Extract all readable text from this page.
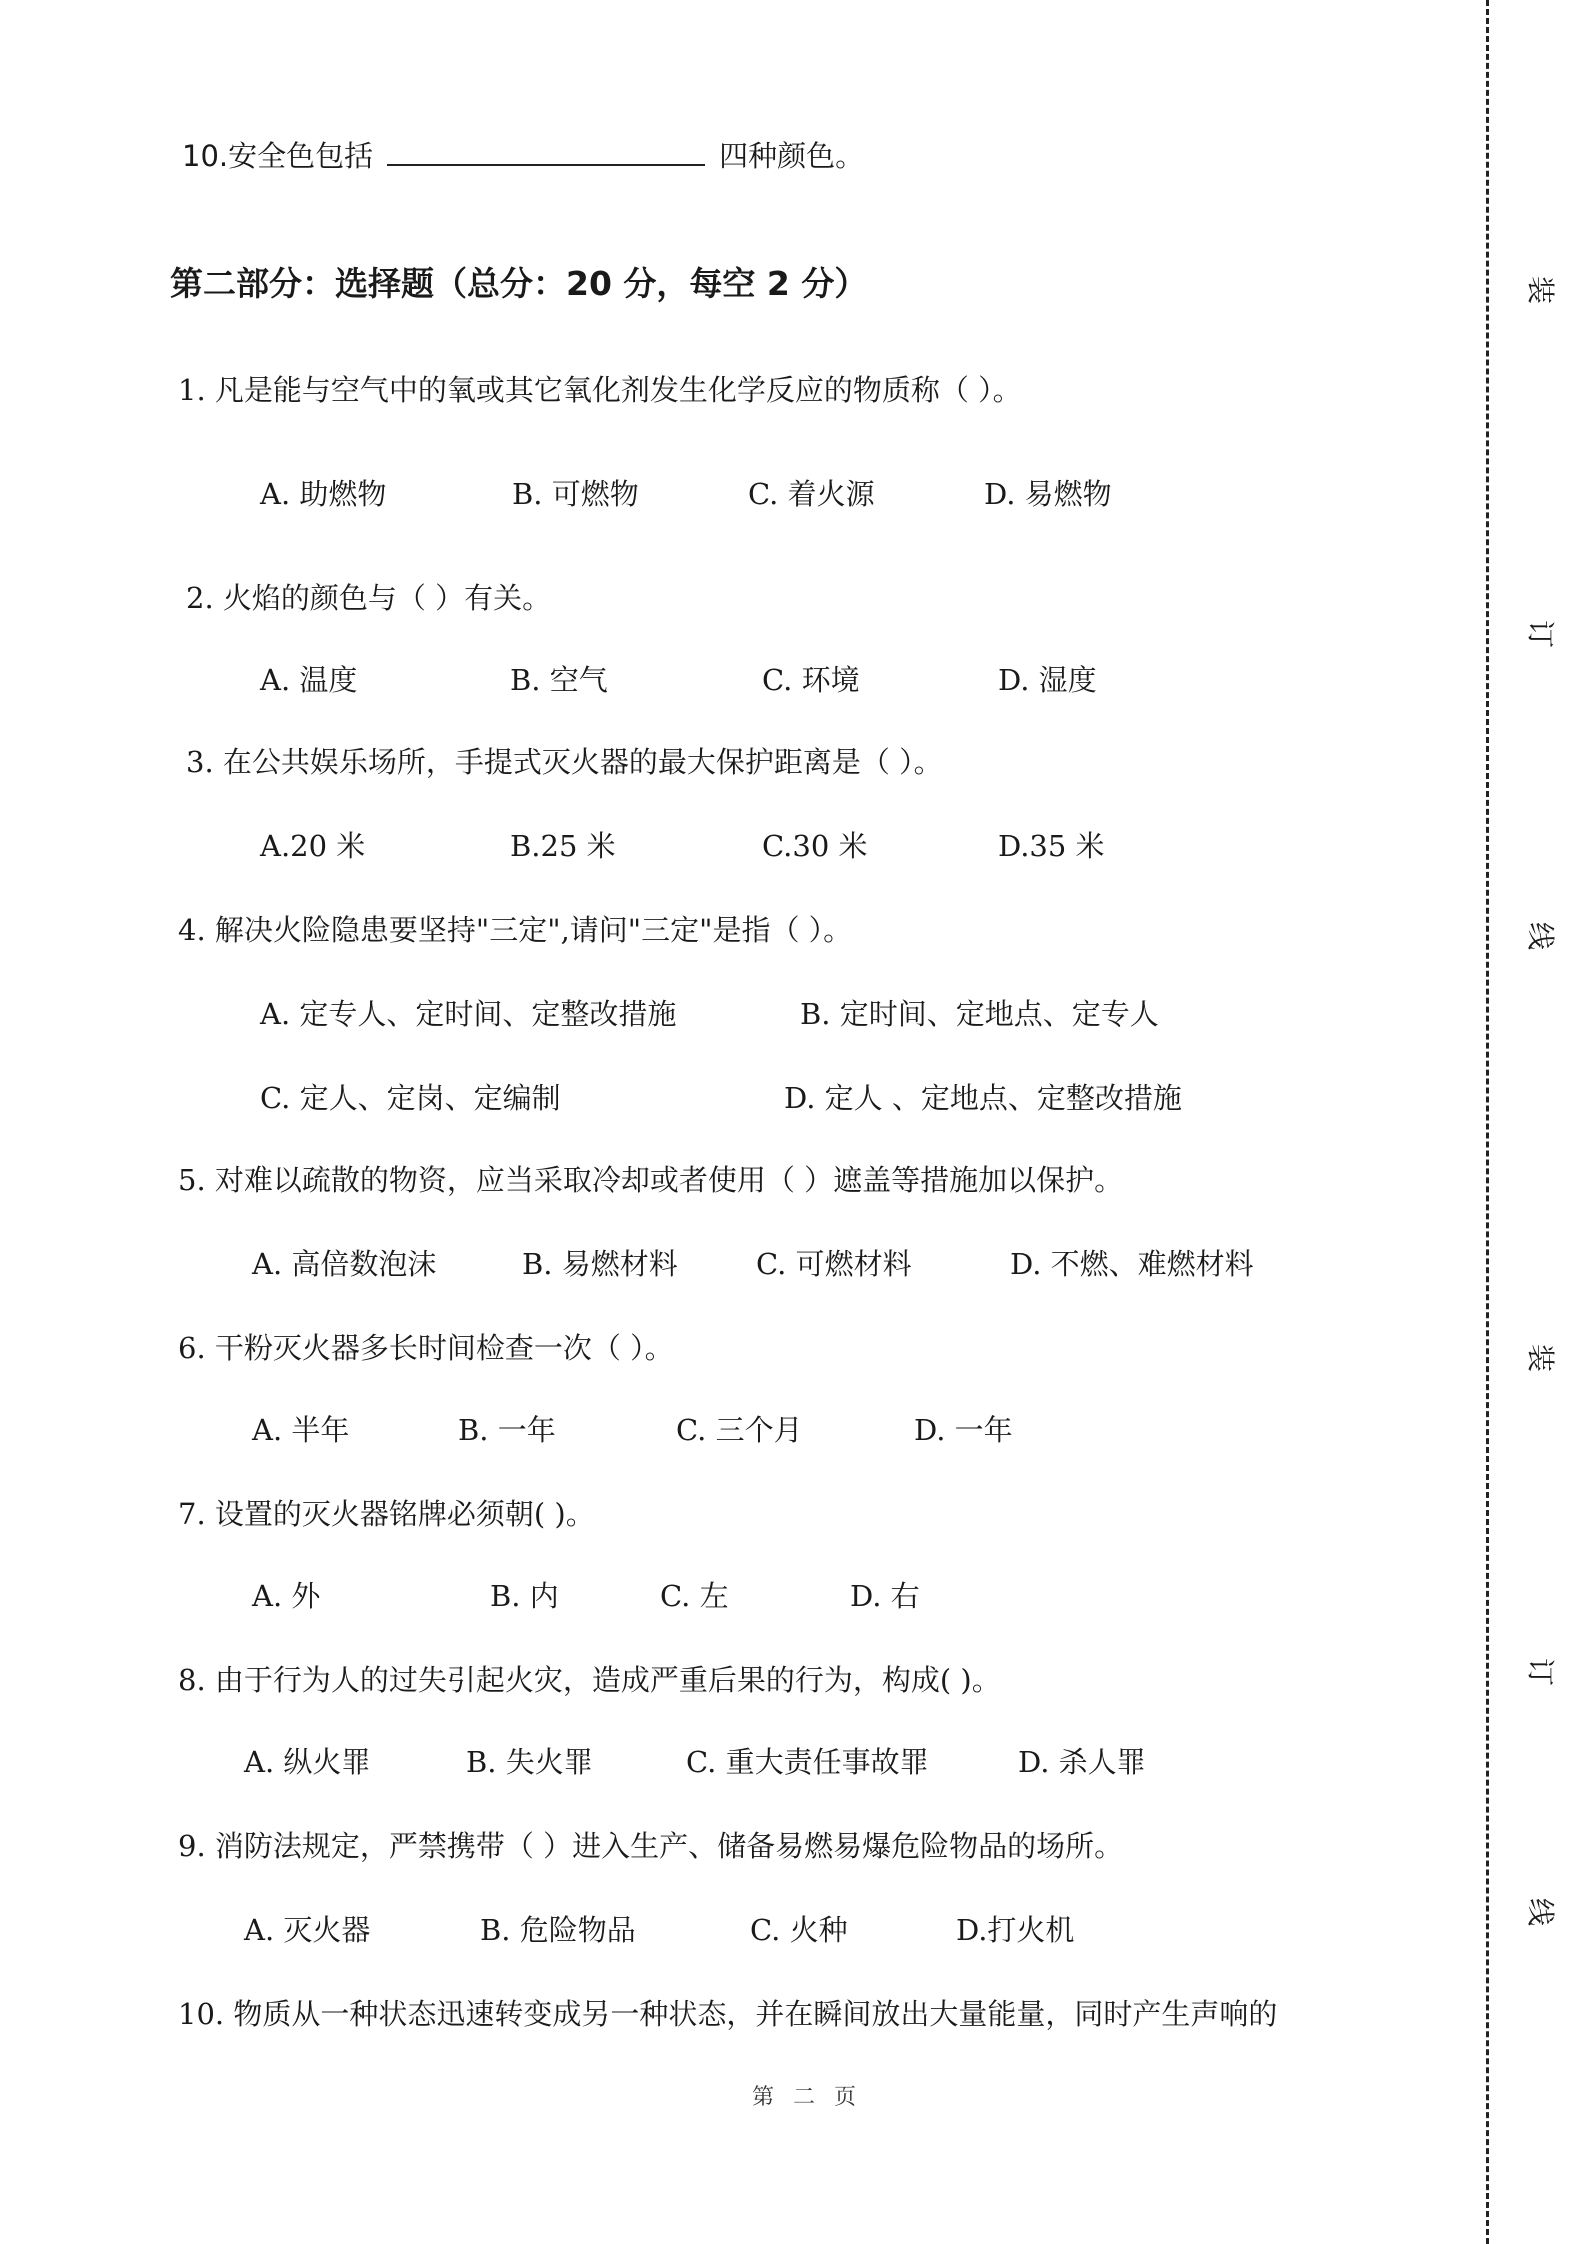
10.安全色包括	四种颜色。
第二部分：选择题（总分：20 分，每空 2 分）
1. 凡是能与空气中的氧或其它氧化剂发生化学反应的物质称（ ）。
A. 助燃物	B. 可燃物	C. 着火源	D. 易燃物
2. 火焰的颜色与（ ）有关。
A. 温度	B. 空气	C. 环境	D. 湿度
3. 在公共娱乐场所，手提式灭火器的最大保护距离是（ ）。
A.20 米	B.25 米	C.30 米	D.35 米
4. 解决火险隐患要坚持"三定",请问"三定"是指（ ）。
A. 定专人、定时间、定整改措施	B. 定时间、定地点、定专人
C. 定人、定岗、定编制	D. 定人 、定地点、定整改措施
5. 对难以疏散的物资，应当采取冷却或者使用（ ）遮盖等措施加以保护。
A. 高倍数泡沫	B. 易燃材料	C. 可燃材料	D. 不燃、难燃材料
6. 干粉灭火器多长时间检查一次（ ）。
A. 半年	B. 一年	C. 三个月	D. 一年
7. 设置的灭火器铭牌必须朝( )。
A. 外	B. 内	C. 左	D. 右
8. 由于行为人的过失引起火灾，造成严重后果的行为，构成( )。
A. 纵火罪	B. 失火罪	C. 重大责任事故罪	D. 杀人罪
9. 消防法规定，严禁携带（ ）进入生产、储备易燃易爆危险物品的场所。
A. 灭火器	B. 危险物品	C. 火种	D.打火机
10. 物质从一种状态迅速转变成另一种状态，并在瞬间放出大量能量，同时产生声响的
第 二 页
装
订
线
装
订
线
